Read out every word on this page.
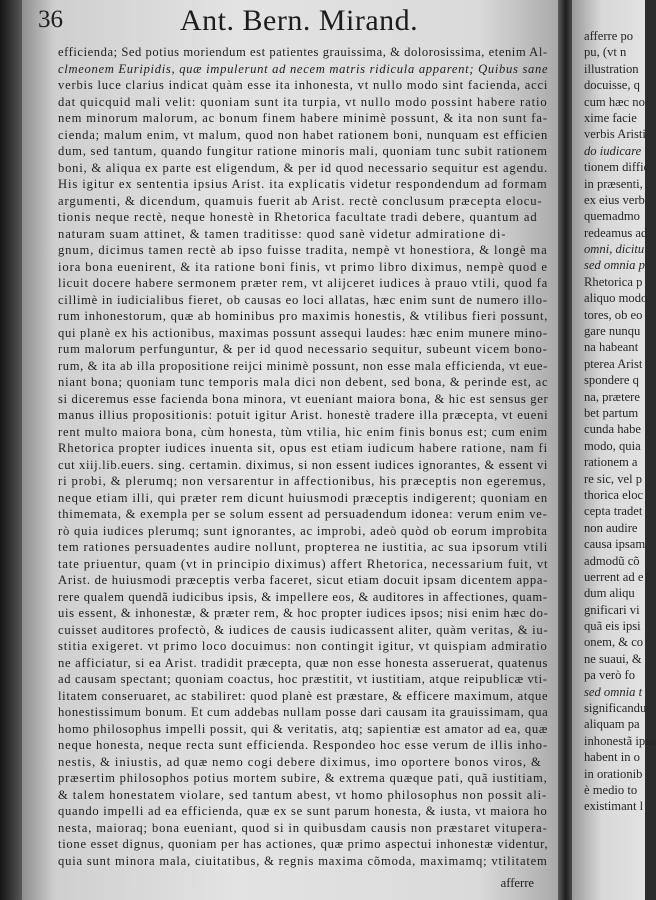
36	Ant. Bern. Mirand.
efficienda; Sed potius moriendum est patientes grauissima, & dolorosissima, etenim Al-
clmeonem Euripidis, quæ impulerunt ad necem matris ridicula apparent; Quibus sane
verbis luce clarius indicat quàm esse ita inhonesta, vt nullo modo sint facienda, acci
dat quicquid mali velit: quoniam sunt ita turpia, vt nullo modo possint habere ratio
nem minorum malorum, ac bonum finem habere minimè possunt, & ita non sunt fa-
cienda; malum enim, vt malum, quod non habet rationem boni, nunquam est efficien
dum, sed tantum, quando fungitur ratione minoris mali, quoniam tunc subit rationem
boni, & aliqua ex parte est eligendum, & per id quod necessario sequitur est agendu.
His igitur ex sententia ipsius Arist. ita explicatis videtur respondendum ad formam
argumenti, & dicendum, quamuis fuerit ab Arist. rectè conclusum præcepta elocu-
tionis neque rectè, neque honestè in Rhetorica facultate tradi debere, quantum ad
naturam suam attinet, & tamen traditisse: quod sanè videtur admiratione di-
gnum, dicimus tamen rectè ab ipso fuisse tradita, nempè vt honestiora, & longè ma
iora bona euenirent, & ita ratione boni finis, vt primo libro diximus, nempè quod e
licuit docere habere sermonem præter rem, vt alijceret iudices à prauo vtili, quod fa
cillimè in iudicialibus fieret, ob causas eo loci allatas, hæc enim sunt de numero illo-
rum inhonestorum, quæ ab hominibus pro maximis honestis, & vtilibus fieri possunt,
qui planè ex his actionibus, maximas possunt assequi laudes: hæc enim munere mino-
rum malorum perfunguntur, & per id quod necessario sequitur, subeunt vicem bono-
rum, & ita ab illa propositione reijci minimè possunt, non esse mala efficienda, vt eue-
niant bona; quoniam tunc temporis mala dici non debent, sed bona, & perinde est, ac
si diceremus esse facienda bona minora, vt eueniant maiora bona, & hic est sensus ger
manus illius propositionis: potuit igitur Arist. honestè tradere illa præcepta, vt eueni
rent multo maiora bona, cùm honesta, tùm vtilia, hic enim finis bonus est; cum enim
Rhetorica propter iudices inuenta sit, opus est etiam iudicum habere ratione, nam fi
cut xiij.lib.euers. sing. certamin. diximus, si non essent iudices ignorantes, & essent vi
ri probi, & plerumq; non versarentur in affectionibus, his præceptis non egeremus,
neque etiam illi, qui præter rem dicunt huiusmodi præceptis indigerent; quoniam en
thimemata, & exempla per se solum essent ad persuadendum idonea: verum enim ve-
rò quia iudices plerumq; sunt ignorantes, ac improbi, adeò quòd ob eorum improbita
tem rationes persuadentes audire nollunt, propterea ne iustitia, ac sua ipsorum vtili
tate priuentur, quam (vt in principio diximus) affert Rhetorica, necessarium fuit, vt
Arist. de huiusmodi præceptis verba faceret, sicut etiam docuit ipsam dicentem appa-
rere qualem quendã iudicibus ipsis, & impellere eos, & auditores in affectiones, quam-
uis essent, & inhonestæ, & præter rem, & hoc propter iudices ipsos; nisi enim hæc do-
cuisset auditores profectò, & iudices de causis iudicassent aliter, quàm veritas, & iu-
stitia exigeret. vt primo loco docuimus: non contingit igitur, vt quispiam admiratio
ne afficiatur, si ea Arist. tradidit præcepta, quæ non esse honesta asseruerat, quatenus
ad causam spectant; quoniam coactus, hoc præstitit, vt iustitiam, atque reipublicæ vti-
litatem conseruaret, ac stabiliret: quod planè est præstare, & efficere maximum, atque
honestissimum bonum. Et cum addebas nullam posse dari causam ita grauissimam, qua
homo philosophus impelli possit, qui & veritatis, atq; sapientiæ est amator ad ea, quæ
neque honesta, neque recta sunt efficienda. Respondeo hoc esse verum de illis inho-
nestis, & iniustis, ad quæ nemo cogi debere diximus, imo oportere bonos viros, &
præsertim philosophos potius mortem subire, & extrema quæque pati, quã iustitiam,
& talem honestatem violare, sed tantum abest, vt homo philosophus non possit ali-
quando impelli ad ea efficienda, quæ ex se sunt parum honesta, & iusta, vt maiora ho
nesta, maioraq; bona eueniant, quod si in quibusdam causis non præstaret vitupera-
tione esset dignus, quoniam per has actiones, quæ primo aspectui inhonestæ videntur,
quia sunt minora mala, ciuitatibus, & regnis maxima cõmoda, maximamq; vtilitatem
afferre
afferre po
pu, (vt n
illustration
docuisse, q
cum hæc no
xime facie
verbis Aristi
do iudicare
tionem diffic
in præsenti,
ex eius verb
quemadmo
redeamus ad
omni, dicitu
sed omnia p
Rhetorica p
aliquo modo
tores, ob eo
gare nunqu
na habeant
pterea Arist
spondere q
na, prætere
bet partum
cunda habe
modo, quia
rationem a
re sic, vel p
thorica eloc
cepta tradet
non audire
causa ipsam
admodũ cõ
uerrent ad e
dum aliqu
gnificari vi
quã eis ipsi
onem, & co
ne suaui, &
pa verò fo
sed omnia t
significandu
aliquam pa
inhonestã ipsa
habent in o
in orationib
è medio to
existimant l
